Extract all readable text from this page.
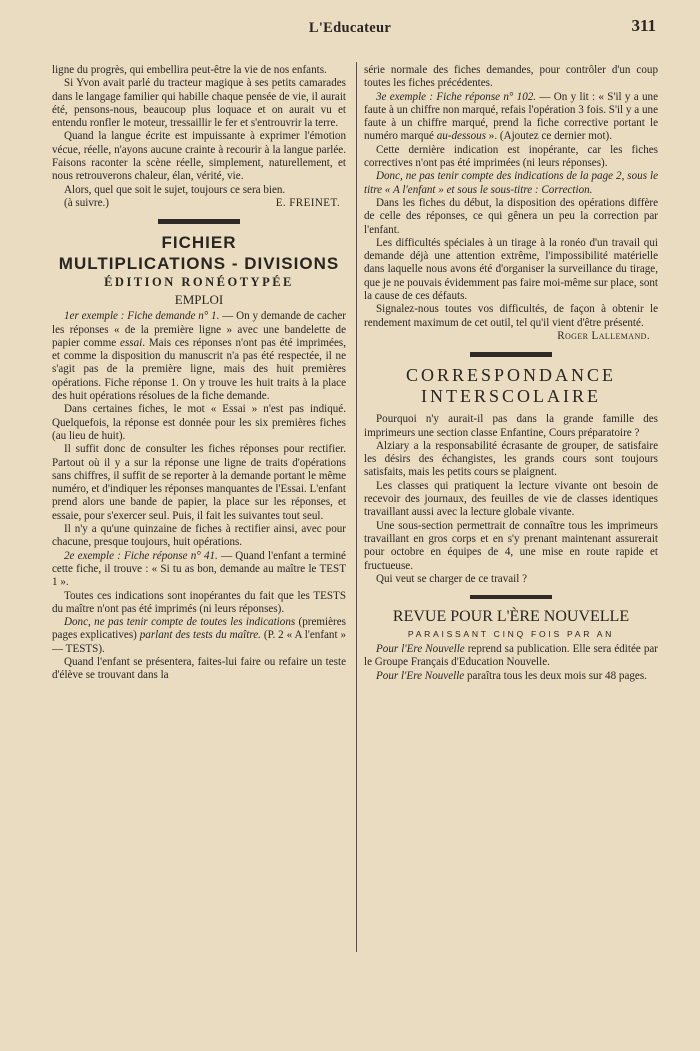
L'Educateur	311

ligne du progrès, qui embellira peut-être la vie de nos enfants.

Si Yvon avait parlé du tracteur magique à ses petits camarades dans le langage familier qui habille chaque pensée de vie, il aurait été, pensons-nous, beaucoup plus loquace et on aurait vu et entendu ronfler le moteur, tressaillir le fer et s'entrouvrir la terre.

Quand la langue écrite est impuissante à exprimer l'émotion vécue, réelle, n'ayons aucune crainte à recourir à la langue parlée. Faisons raconter la scène réelle, simplement, naturellement, et nous retrouverons chaleur, élan, vérité, vie.

Alors, quel que soit le sujet, toujours ce sera bien.

(à suivre.)	E. FREINET.
FICHIER
MULTIPLICATIONS - DIVISIONS
ÉDITION RONÉOTYPÉE
EMPLOI

1er exemple : Fiche demande n° 1. — On y demande de cacher les réponses « de la première ligne » avec une bandelette de papier comme essai. Mais ces réponses n'ont pas été imprimées, et comme la disposition du manuscrit n'a pas été respectée, il ne s'agit pas de la première ligne, mais des huit premières opérations. Fiche réponse 1. On y trouve les huit traits à la place des huit opérations résolues de la fiche demande.

Dans certaines fiches, le mot « Essai » n'est pas indiqué. Quelquefois, la réponse est donnée pour les six premières fiches (au lieu de huit).

Il suffit donc de consulter les fiches réponses pour rectifier. Partout où il y a sur la réponse une ligne de traits d'opérations sans chiffres, il suffit de se reporter à la demande portant le même numéro, et d'indiquer les réponses manquantes de l'Essai. L'enfant prend alors une bande de papier, la place sur les réponses, et essaie, pour s'exercer seul. Puis, il fait les suivantes tout seul.

Il n'y a qu'une quinzaine de fiches à rectifier ainsi, avec pour chacune, presque toujours, huit opérations.

2e exemple : Fiche réponse n° 41. — Quand l'enfant a terminé cette fiche, il trouve : « Si tu as bon, demande au maître le TEST 1 ».

Toutes ces indications sont inopérantes du fait que les TESTS du maître n'ont pas été imprimés (ni leurs réponses).

Donc, ne pas tenir compte de toutes les indications (premières pages explicatives) parlant des tests du maître. (P. 2 « A l'enfant » — TESTS).

Quand l'enfant se présentera, faites-lui faire ou refaire un teste d'élève se trouvant dans la

série normale des fiches demandes, pour contrôler d'un coup toutes les fiches précédentes.

3e exemple : Fiche réponse n° 102. — On y lit : « S'il y a une faute à un chiffre non marqué, refais l'opération 3 fois. S'il y a une faute à un chiffre marqué, prend la fiche corrective portant le numéro marqué au-dessous ». (Ajoutez ce dernier mot).

Cette dernière indication est inopérante, car les fiches correctives n'ont pas été imprimées (ni leurs réponses).

Donc, ne pas tenir compte des indications de la page 2, sous le titre « A l'enfant » et sous le sous-titre : Correction.

Dans les fiches du début, la disposition des opérations diffère de celle des réponses, ce qui gênera un peu la correction par l'enfant.

Les difficultés spéciales à un tirage à la ronéo d'un travail qui demande déjà une attention extrême, l'impossibilité matérielle dans laquelle nous avons été d'organiser la surveillance du tirage, que je ne pouvais évidemment pas faire moi-même sur place, sont la cause de ces défauts.

Signalez-nous toutes vos difficultés, de façon à obtenir le rendement maximum de cet outil, tel qu'il vient d'être présenté.

Roger Lallemand.
CORRESPONDANCE
INTERSCOLAIRE

Pourquoi n'y aurait-il pas dans la grande famille des imprimeurs une section classe Enfantine, Cours préparatoire ?

Alziary a la responsabilité écrasante de grouper, de satisfaire les désirs des échangistes, les grands cours sont toujours satisfaits, mais les petits cours se plaignent.

Les classes qui pratiquent la lecture vivante ont besoin de recevoir des journaux, des feuilles de vie de classes identiques travaillant aussi avec la lecture globale vivante.

Une sous-section permettrait de connaître tous les imprimeurs travaillant en gros corps et en s'y prenant maintenant assurerait pour octobre en équipes de 4, une mise en route rapide et fructueuse.

Qui veut se charger de ce travail ?

REVUE POUR L'ÈRE NOUVELLE
PARAISSANT CINQ FOIS PAR AN

Pour l'Ere Nouvelle reprend sa publication. Elle sera éditée par le Groupe Français d'Education Nouvelle.

Pour l'Ere Nouvelle paraîtra tous les deux mois sur 48 pages.
